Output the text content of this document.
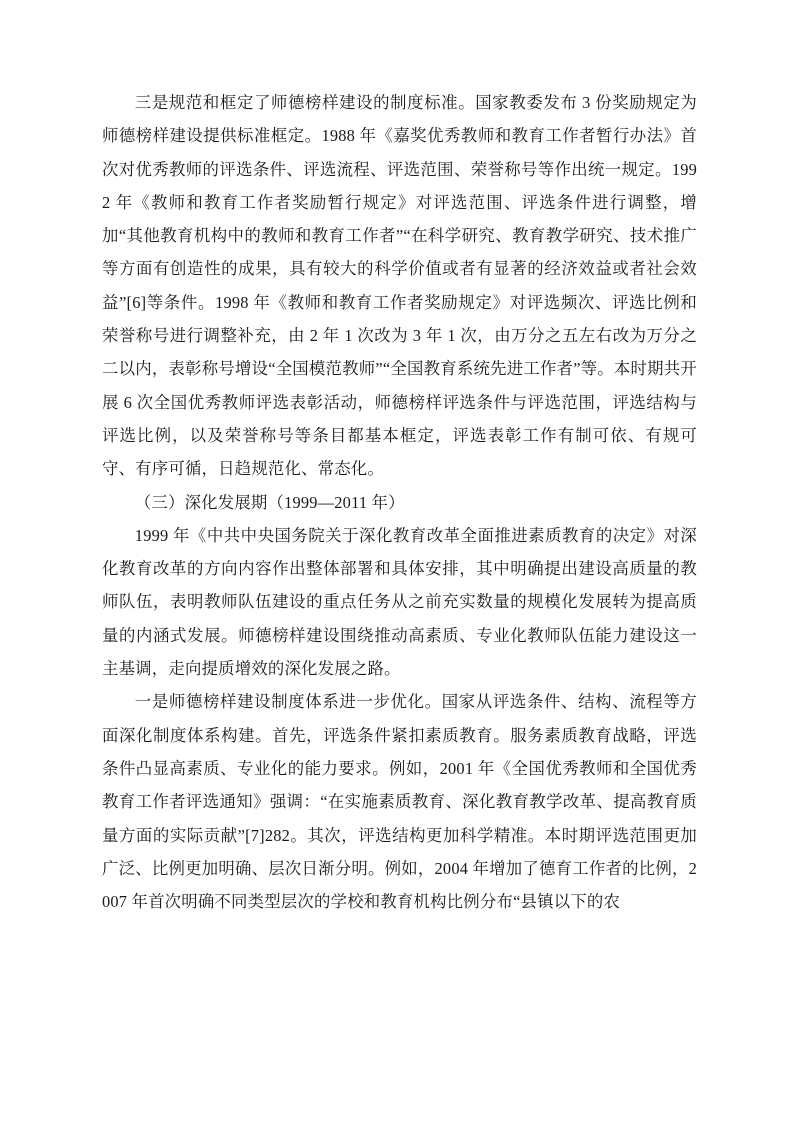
三是规范和框定了师德榜样建设的制度标准。国家教委发布 3 份奖励规定为师德榜样建设提供标准框定。1988 年《嘉奖优秀教师和教育工作者暂行办法》首次对优秀教师的评选条件、评选流程、评选范围、荣誉称号等作出统一规定。1992 年《教师和教育工作者奖励暂行规定》对评选范围、评选条件进行调整，增加“其他教育机构中的教师和教育工作者”“在科学研究、教育教学研究、技术推广等方面有创造性的成果，具有较大的科学价值或者有显著的经济效益或者社会效益”[6]等条件。1998 年《教师和教育工作者奖励规定》对评选频次、评选比例和荣誉称号进行调整补充，由 2 年 1 次改为 3 年 1 次，由万分之五左右改为万分之二以内，表彰称号增设“全国模范教师”“全国教育系统先进工作者”等。本时期共开展 6 次全国优秀教师评选表彰活动，师德榜样评选条件与评选范围，评选结构与评选比例，以及荣誉称号等条目都基本框定，评选表彰工作有制可依、有规可守、有序可循，日趋规范化、常态化。

（三）深化发展期（1999—2011 年）

1999 年《中共中央国务院关于深化教育改革全面推进素质教育的决定》对深化教育改革的方向内容作出整体部署和具体安排，其中明确提出建设高质量的教师队伍，表明教师队伍建设的重点任务从之前充实数量的规模化发展转为提高质量的内涵式发展。师德榜样建设围绕推动高素质、专业化教师队伍能力建设这一主基调，走向提质增效的深化发展之路。

一是师德榜样建设制度体系进一步优化。国家从评选条件、结构、流程等方面深化制度体系构建。首先，评选条件紧扣素质教育。服务素质教育战略，评选条件凸显高素质、专业化的能力要求。例如，2001 年《全国优秀教师和全国优秀教育工作者评选通知》强调：“在实施素质教育、深化教育教学改革、提高教育质量方面的实际贡献”[7]282。其次，评选结构更加科学精准。本时期评选范围更加广泛、比例更加明确、层次日渐分明。例如，2004 年增加了德育工作者的比例，2007 年首次明确不同类型层次的学校和教育机构比例分布“县镇以下的农
